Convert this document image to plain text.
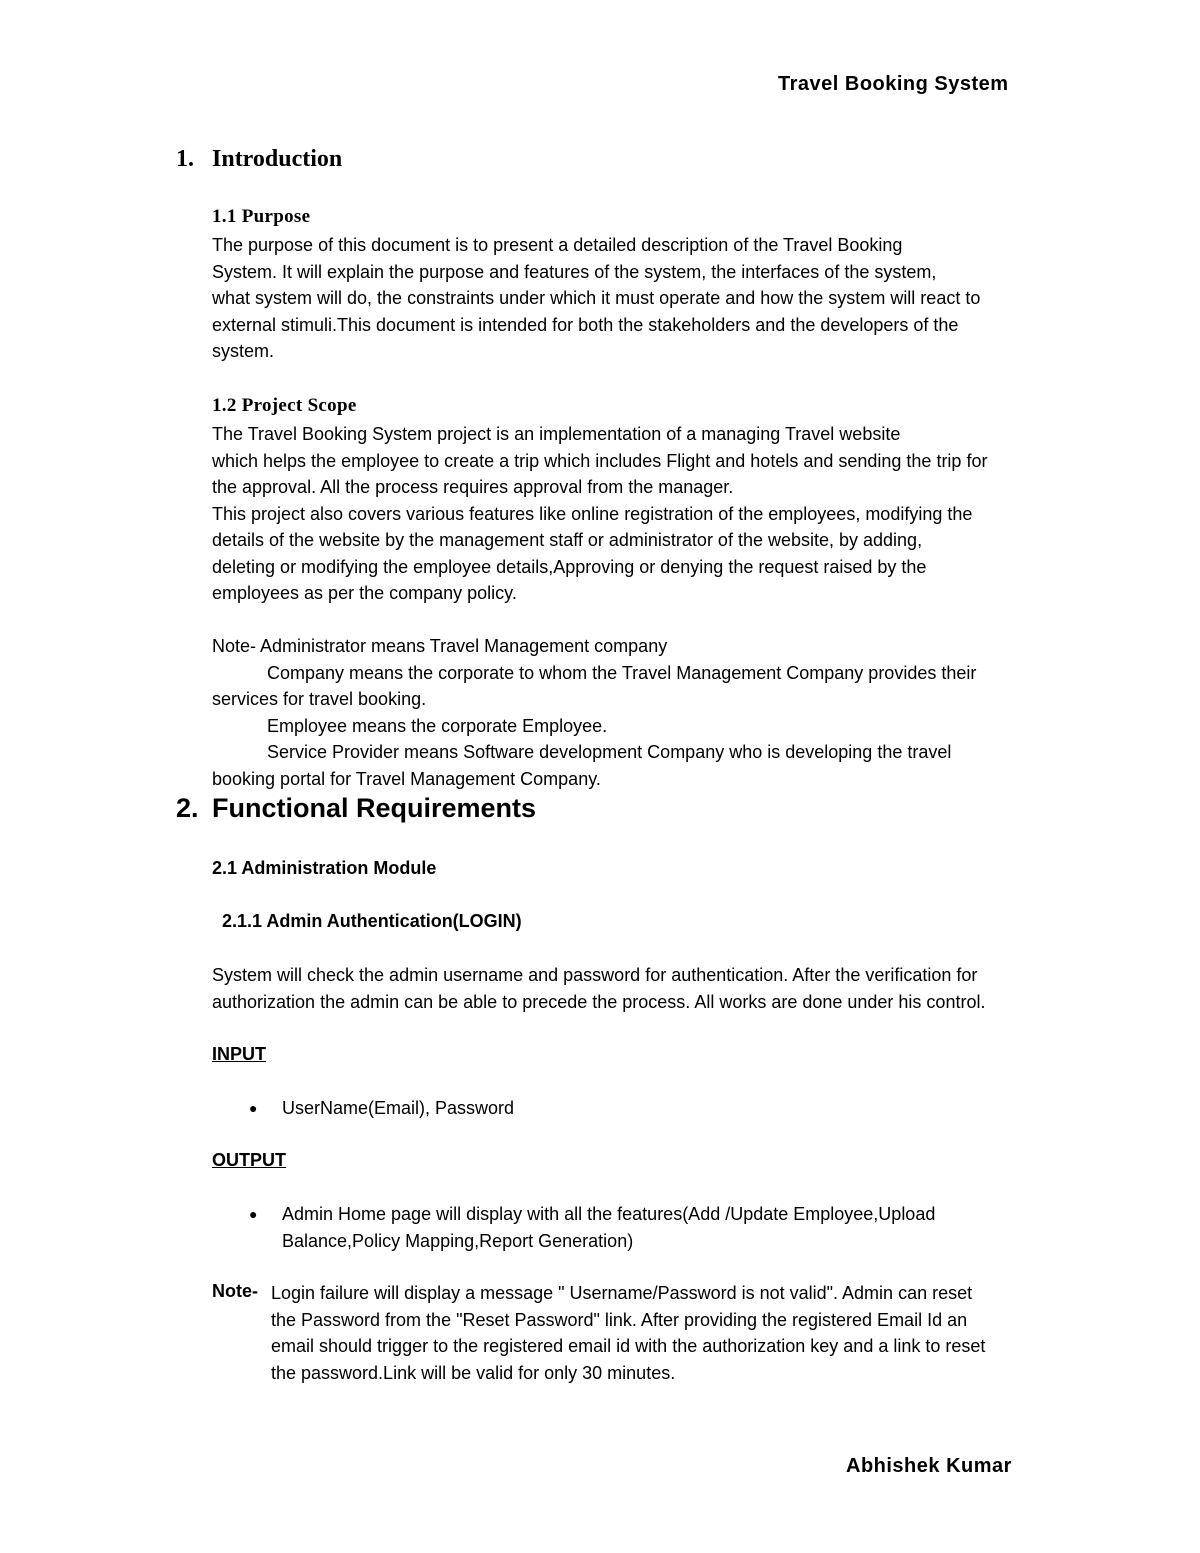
Travel Booking System
1. Introduction
1.1 Purpose
The purpose of this document is to present a detailed description of the Travel Booking
System. It will explain the purpose and features of the system, the interfaces of the system,
what system will do, the constraints under which it must operate and how the system will react to
external stimuli.This document is intended for both the stakeholders and the developers of the
system.
1.2 Project Scope
The Travel Booking System project is an implementation of a managing Travel website
which helps the employee to create a trip which includes Flight and hotels and sending the trip for
the approval. All the process requires approval from the manager.
This project also covers various features like online registration of the employees, modifying the
details of the website by the management staff or administrator of the website, by adding,
deleting or modifying the employee details,Approving or denying the request raised by the
employees as per the company policy.
Note- Administrator means Travel Management company
Company means the corporate to whom the Travel Management Company provides their
services for travel booking.
Employee means the corporate Employee.
Service Provider means Software development Company who is developing the travel
booking portal for Travel Management Company.
2. Functional Requirements
2.1 Administration Module
2.1.1 Admin Authentication(LOGIN)
System will check the admin username and password for authentication. After the verification for
authorization the admin can be able to precede the process. All works are done under his control.
INPUT
● UserName(Email), Password
OUTPUT
● Admin Home page will display with all the features(Add /Update Employee,Upload
Balance,Policy Mapping,Report Generation)
Note- Login failure will display a message " Username/Password is not valid". Admin can reset
the Password from the "Reset Password" link. After providing the registered Email Id an
email should trigger to the registered email id with the authorization key and a link to reset
the password.Link will be valid for only 30 minutes.
Abhishek Kumar
